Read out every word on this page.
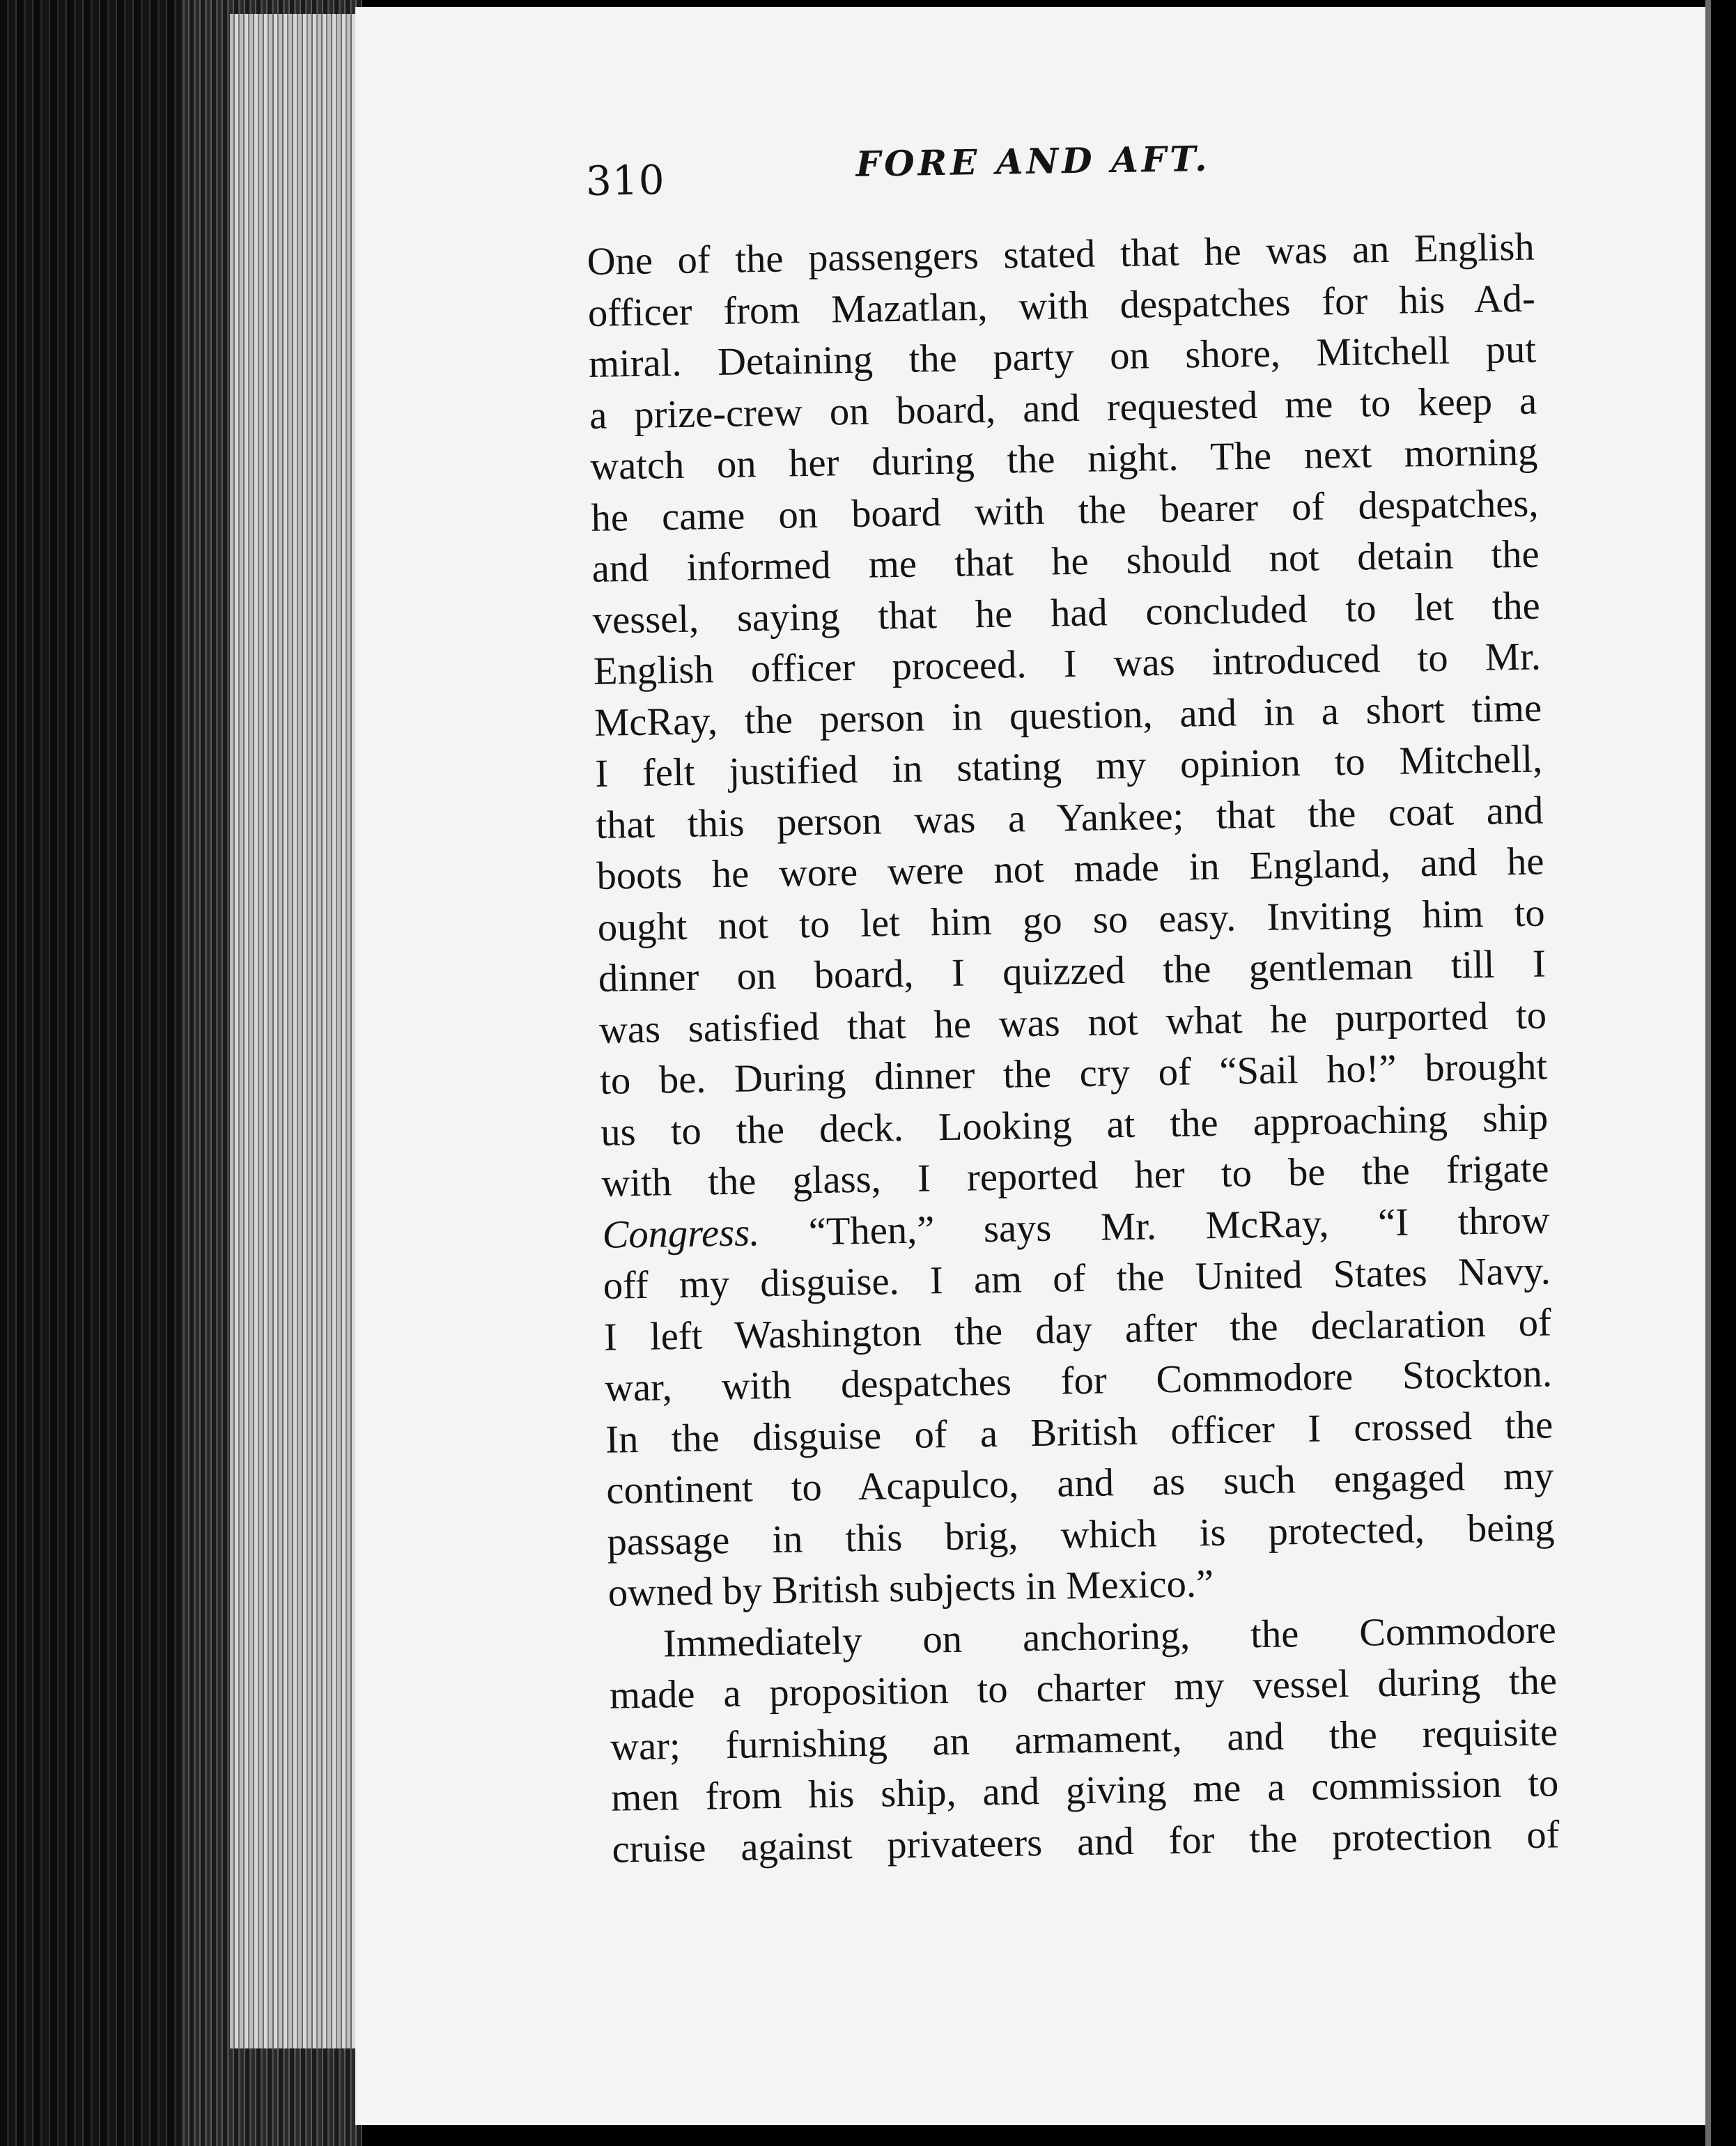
310	FORE AND AFT.
One of the passengers stated that he was an English
officer from Mazatlan, with despatches for his Ad-
miral. Detaining the party on shore, Mitchell put
a prize-crew on board, and requested me to keep a
watch on her during the night. The next morning
he came on board with the bearer of despatches,
and informed me that he should not detain the
vessel, saying that he had concluded to let the
English officer proceed. I was introduced to Mr.
McRay, the person in question, and in a short time
I felt justified in stating my opinion to Mitchell,
that this person was a Yankee; that the coat and
boots he wore were not made in England, and he
ought not to let him go so easy. Inviting him to
dinner on board, I quizzed the gentleman till I
was satisfied that he was not what he purported to
to be. During dinner the cry of “Sail ho!” brought
us to the deck. Looking at the approaching ship
with the glass, I reported her to be the frigate
Congress. “Then,” says Mr. McRay, “I throw
off my disguise. I am of the United States Navy.
I left Washington the day after the declaration of
war, with despatches for Commodore Stockton.
In the disguise of a British officer I crossed the
continent to Acapulco, and as such engaged my
passage in this brig, which is protected, being
owned by British subjects in Mexico.”
Immediately on anchoring, the Commodore
made a proposition to charter my vessel during the
war; furnishing an armament, and the requisite
men from his ship, and giving me a commission to
cruise against privateers and for the protection of
